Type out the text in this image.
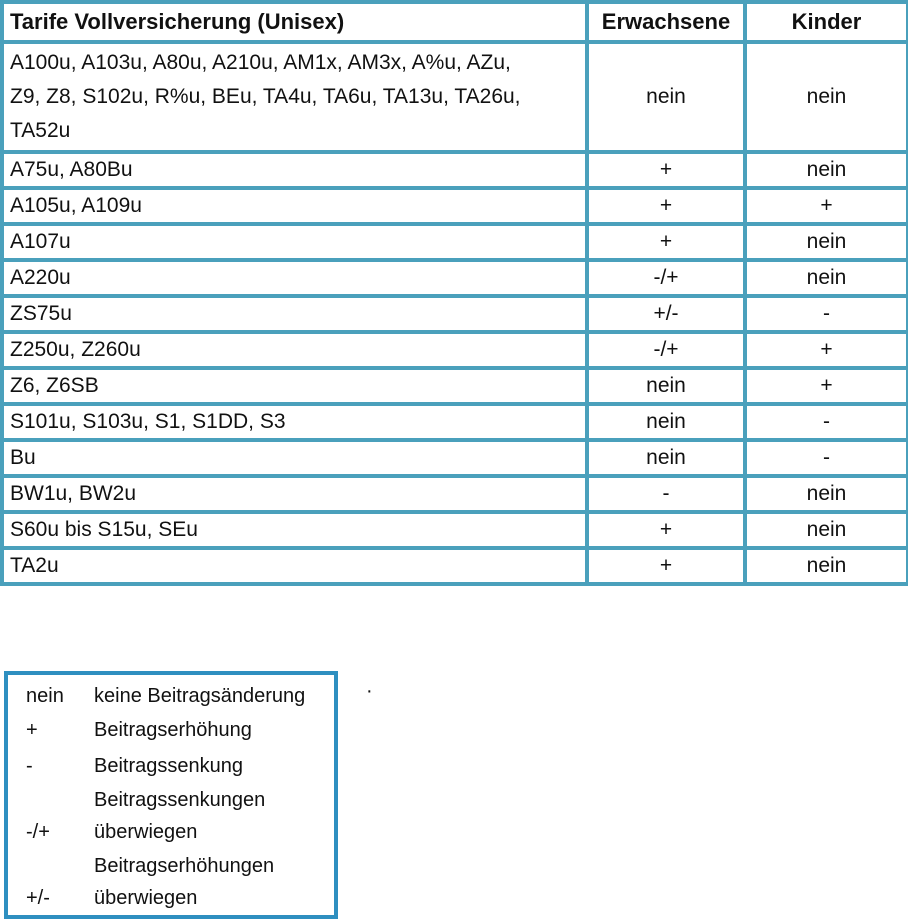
Tarife Vollversicherung (Unisex)	Erwachsene	Kinder

A100u, A103u, A80u, A210u, AM1x, AM3x, A%u, AZu,
Z9, Z8, S102u, R%u, BEu, TA4u, TA6u, TA13u, TA26u,
TA52u	nein	nein
A75u, A80Bu	+	nein
A105u, A109u	+	+
A107u	+	nein
A220u	-/+	nein
ZS75u	+/-	-
Z250u, Z260u	-/+	+
Z6, Z6SB	nein	+
S101u, S103u, S1, S1DD, S3	nein	-
Bu	nein	-
BW1u, BW2u	-	nein
S60u bis S15u, SEu	+	nein
TA2u	+	nein
nein keine Beitragsänderung
+	Beitragserhöhung
-	Beitragssenkung
Beitragssenkungen
-/+ überwiegen
Beitragserhöhungen
+/- überwiegen
·
